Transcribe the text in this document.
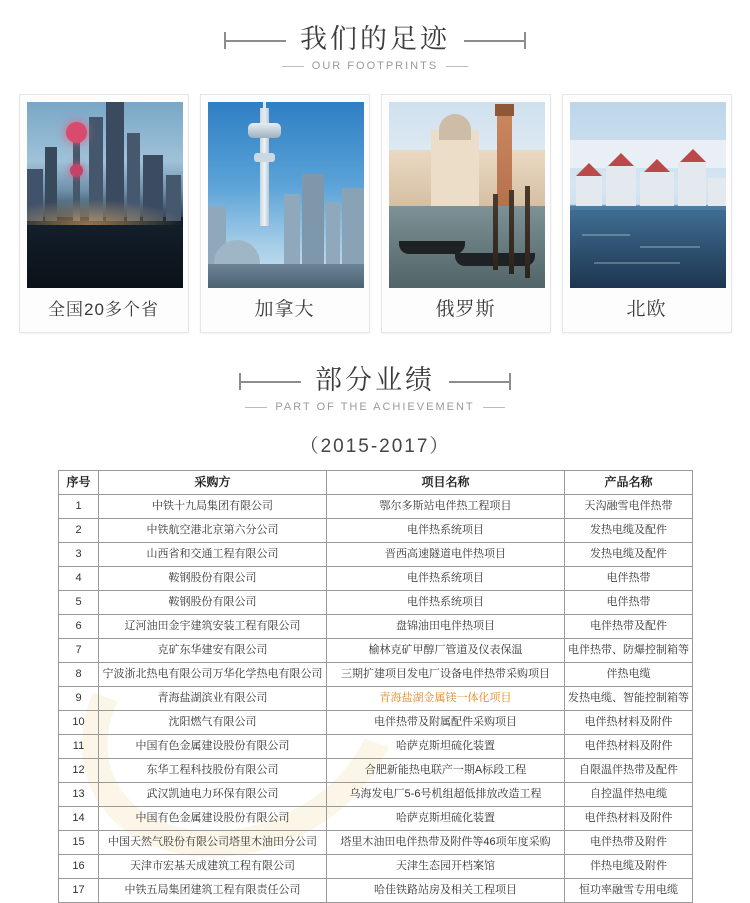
我们的足迹
OUR FOOTPRINTS
全国20多个省	加拿大	俄罗斯	北欧
部分业绩
PART OF THE ACHIEVEMENT
（2015-2017）
序号	采购方	项目名称	产品名称
1	中铁十九局集团有限公司	鄂尔多斯站电伴热工程项目	天沟融雪电伴热带
2	中铁航空港北京第六分公司	电伴热系统项目	发热电缆及配件
3	山西省和交通工程有限公司	晋西高速隧道电伴热项目	发热电缆及配件
4	鞍钢股份有限公司	电伴热系统项目	电伴热带
5	鞍钢股份有限公司	电伴热系统项目	电伴热带
6	辽河油田金宇建筑安装工程有限公司	盘锦油田电伴热项目	电伴热带及配件
7	克矿东华建安有限公司	榆林克矿甲醇厂管道及仪表保温	电伴热带、防爆控制箱等
8	宁波浙北热电有限公司万华化学热电有限公司	三期扩建项目发电厂设备电伴热带采购项目	伴热电缆
9	青海盐湖滨业有限公司	青海盐湖金属镁一体化项目	发热电缆、智能控制箱等
10	沈阳燃气有限公司	电伴热带及附属配件采购项目	电伴热材料及附件
11	中国有色金属建设股份有限公司	哈萨克斯坦硫化装置	电伴热材料及附件
12	东华工程科技股份有限公司	合肥新能热电联产一期A标段工程	自限温伴热带及配件
13	武汉凯迪电力环保有限公司	乌海发电厂5-6号机组超低排放改造工程	自控温伴热电缆
14	中国有色金属建设股份有限公司	哈萨克斯坦硫化装置	电伴热材料及附件
15	中国天然气股份有限公司塔里木油田分公司	塔里木油田电伴热带及附件等46项年度采购	电伴热带及附件
16	天津市宏基天成建筑工程有限公司	天津生态园开档案馆	伴热电缆及附件
17	中铁五局集团建筑工程有限责任公司	哈佳铁路站房及相关工程项目	恒功率融雪专用电缆
